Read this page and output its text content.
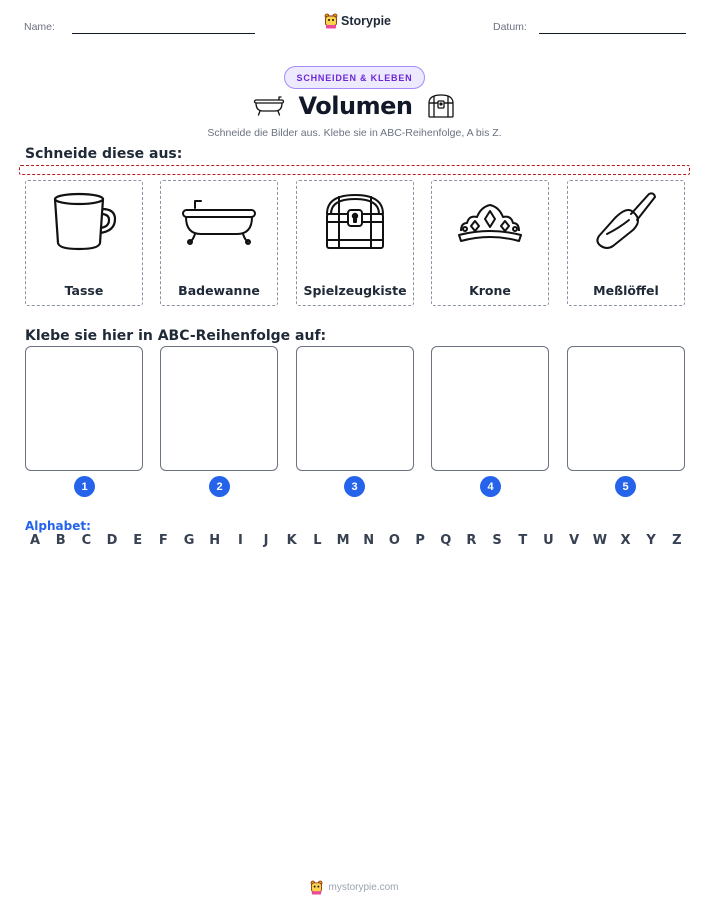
Name:	Storypie	Datum:
SCHNEIDEN & KLEBEN
Volumen
Schneide die Bilder aus. Klebe sie in ABC-Reihenfolge, A bis Z.
Schneide diese aus:
Tasse	Badewanne	Spielzeugkiste	Krone	Meßlöffel
Klebe sie hier in ABC-Reihenfolge auf:
1	2	3	4	5
Alphabet:
A B C D E F G H	I	J	K L M N O P Q R S T U V W X Y Z
mystorypie.com
